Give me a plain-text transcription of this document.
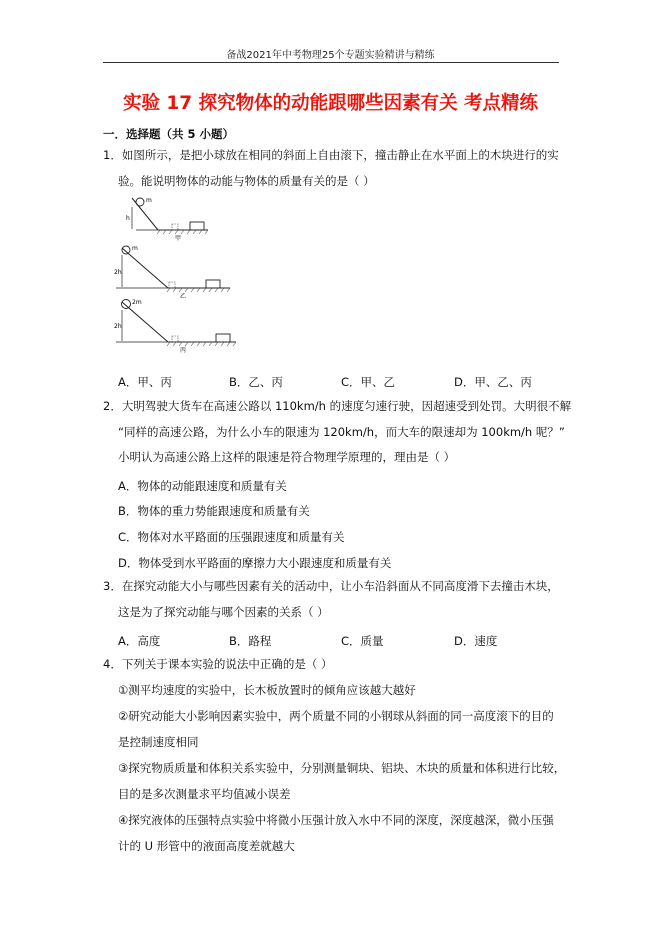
备战2021年中考物理25个专题实验精讲与精练
实验 17 探究物体的动能跟哪些因素有关 考点精练
一．选择题（共 5 小题）
1．如图所示，是把小球放在相同的斜面上自由滚下，撞击静止在水平面上的木块进行的实
验。能说明物体的动能与物体的质量有关的是（ ）
m
h
甲
m
2h
乙
2m
2h
丙
A．甲、丙	B．乙、丙	C．甲、乙	D．甲、乙、丙
2．大明驾驶大货车在高速公路以 110km/h 的速度匀速行驶，因超速受到处罚。大明很不解
“同样的高速公路，为什么小车的限速为 120km/h，而大车的限速却为 100km/h 呢？”
小明认为高速公路上这样的限速是符合物理学原理的，理由是（ ）
A．物体的动能跟速度和质量有关
B．物体的重力势能跟速度和质量有关
C．物体对水平路面的压强跟速度和质量有关
D．物体受到水平路面的摩擦力大小跟速度和质量有关
3．在探究动能大小与哪些因素有关的活动中，让小车沿斜面从不同高度滑下去撞击木块，
这是为了探究动能与哪个因素的关系（ ）
A．高度	B．路程	C．质量	D．速度
4．下列关于课本实验的说法中正确的是（ ）
①测平均速度的实验中，长木板放置时的倾角应该越大越好
②研究动能大小影响因素实验中，两个质量不同的小钢球从斜面的同一高度滚下的目的
是控制速度相同
③探究物质质量和体积关系实验中，分别测量铜块、铝块、木块的质量和体积进行比较，
目的是多次测量求平均值减小误差
④探究液体的压强特点实验中将微小压强计放入水中不同的深度，深度越深，微小压强
计的 U 形管中的液面高度差就越大
